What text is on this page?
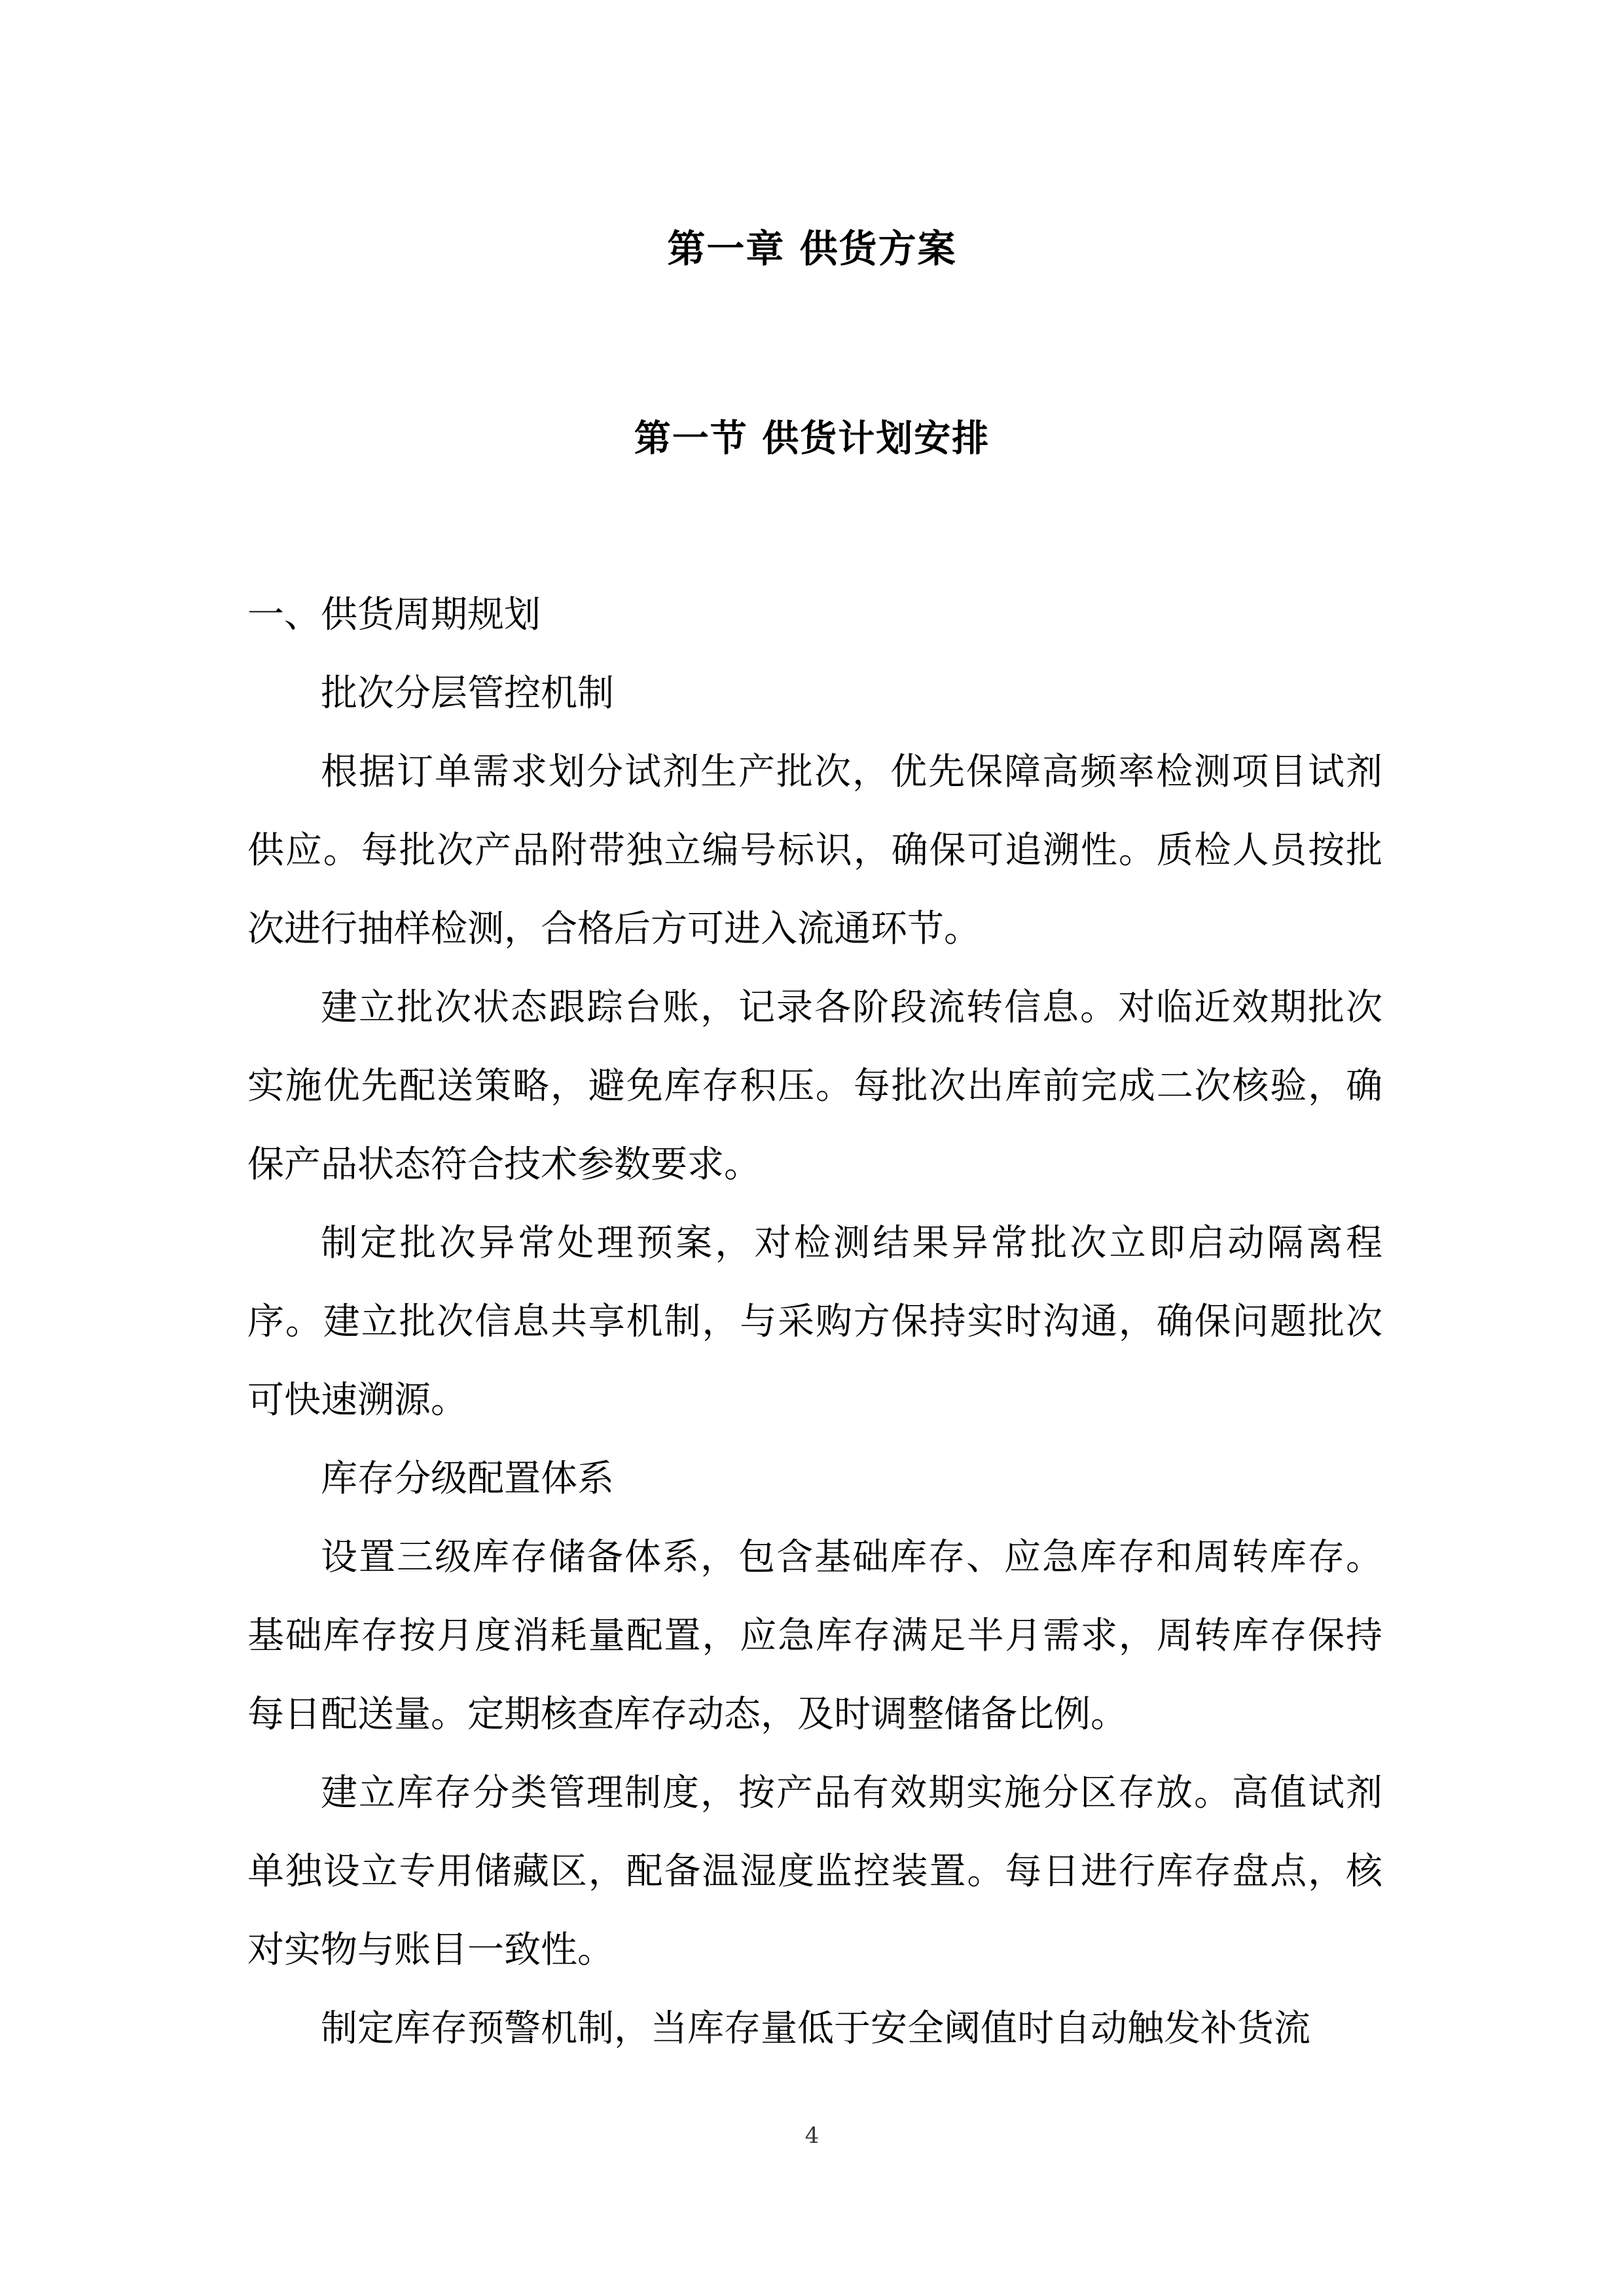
第一章 供货方案
第一节 供货计划安排

一、供货周期规划

批次分层管控机制

根据订单需求划分试剂生产批次，优先保障高频率检测项目试剂供应。每批次产品附带独立编号标识，确保可追溯性。质检人员按批次进行抽样检测，合格后方可进入流通环节。

建立批次状态跟踪台账，记录各阶段流转信息。对临近效期批次实施优先配送策略，避免库存积压。每批次出库前完成二次核验，确保产品状态符合技术参数要求。

制定批次异常处理预案，对检测结果异常批次立即启动隔离程序。建立批次信息共享机制，与采购方保持实时沟通，确保问题批次可快速溯源。

库存分级配置体系

设置三级库存储备体系，包含基础库存、应急库存和周转库存。基础库存按月度消耗量配置，应急库存满足半月需求，周转库存保持每日配送量。定期核查库存动态，及时调整储备比例。

建立库存分类管理制度，按产品有效期实施分区存放。高值试剂单独设立专用储藏区，配备温湿度监控装置。每日进行库存盘点，核对实物与账目一致性。

制定库存预警机制，当库存量低于安全阈值时自动触发补货流

4
